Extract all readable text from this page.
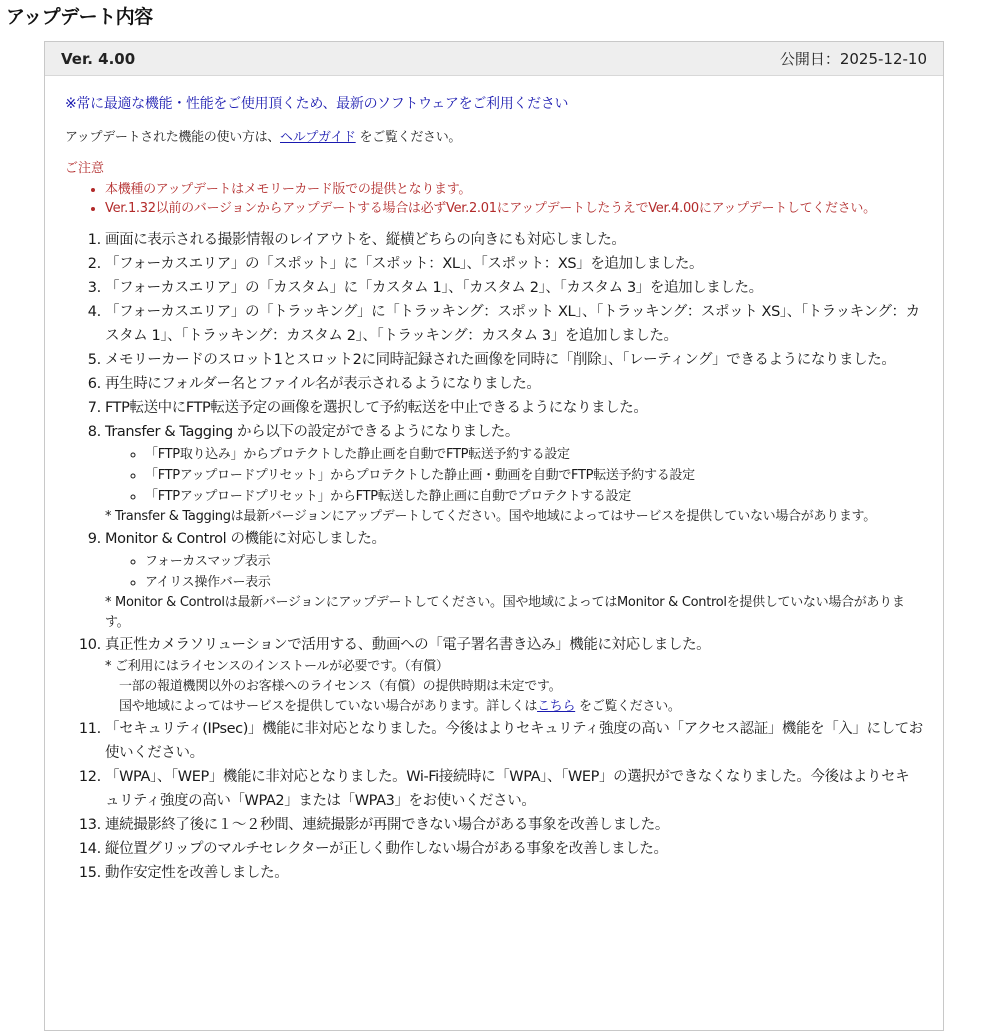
アップデート内容
Ver. 4.00	公開日：2025-12-10

※常に最適な機能・性能をご使用頂くため、最新のソフトウェアをご利用ください

アップデートされた機能の使い方は、ヘルプガイド をご覧ください。

ご注意

• 本機種のアップデートはメモリーカード版での提供となります。
• Ver.1.32以前のバージョンからアップデートする場合は必ずVer.2.01にアップデートしたうえでVer.4.00にアップデートしてください。
1. 画面に表示される撮影情報のレイアウトを、縦横どちらの向きにも対応しました。
2. 「フォーカスエリア」の「スポット」に「スポット：XL」、「スポット：XS」を追加しました。
3. 「フォーカスエリア」の「カスタム」に「カスタム 1」、「カスタム 2」、「カスタム 3」を追加しました。
4. 「フォーカスエリア」の「トラッキング」に「トラッキング：スポット XL」、「トラッキング：スポット XS」、「トラッキング：カスタム 1」、「トラッキング：カスタム 2」、「トラッキング：カスタム 3」を追加しました。
5. メモリーカードのスロット1とスロット2に同時記録された画像を同時に「削除」、「レーティング」できるようになりました。
6. 再生時にフォルダー名とファイル名が表示されるようになりました。
7. FTP転送中にFTP転送予定の画像を選択して予約転送を中止できるようになりました。
8. Transfer & Tagging から以下の設定ができるようになりました。
◦ 「FTP取り込み」からプロテクトした静止画を自動でFTP転送予約する設定
◦ 「FTPアップロードプリセット」からプロテクトした静止画・動画を自動でFTP転送予約する設定
◦ 「FTPアップロードプリセット」からFTP転送した静止画に自動でプロテクトする設定

* Transfer & Taggingは最新バージョンにアップデートしてください。国や地域によってはサービスを提供していない場合があります。

9. Monitor & Control の機能に対応しました。
◦ フォーカスマップ表示
◦ アイリス操作バー表示

* Monitor & Controlは最新バージョンにアップデートしてください。国や地域によってはMonitor & Controlを提供していない場合があります。

10. 真正性カメラソリューションで活用する、動画への「電子署名書き込み」機能に対応しました。

* ご利用にはライセンスのインストールが必要です。（有償）

一部の報道機関以外のお客様へのライセンス（有償）の提供時期は未定です。

国や地域によってはサービスを提供していない場合があります。詳しくはこちら をご覧ください。

11. 「セキュリティ(IPsec)」機能に非対応となりました。今後はよりセキュリティ強度の高い「アクセス認証」機能を「入」にしてお使いください。
12. 「WPA」、「WEP」機能に非対応となりました。Wi-Fi接続時に「WPA」、「WEP」の選択ができなくなりました。今後はよりセキュリティ強度の高い「WPA2」または「WPA3」をお使いください。
13. 連続撮影終了後に１～２秒間、連続撮影が再開できない場合がある事象を改善しました。
14. 縦位置グリップのマルチセレクターが正しく動作しない場合がある事象を改善しました。
15. 動作安定性を改善しました。
